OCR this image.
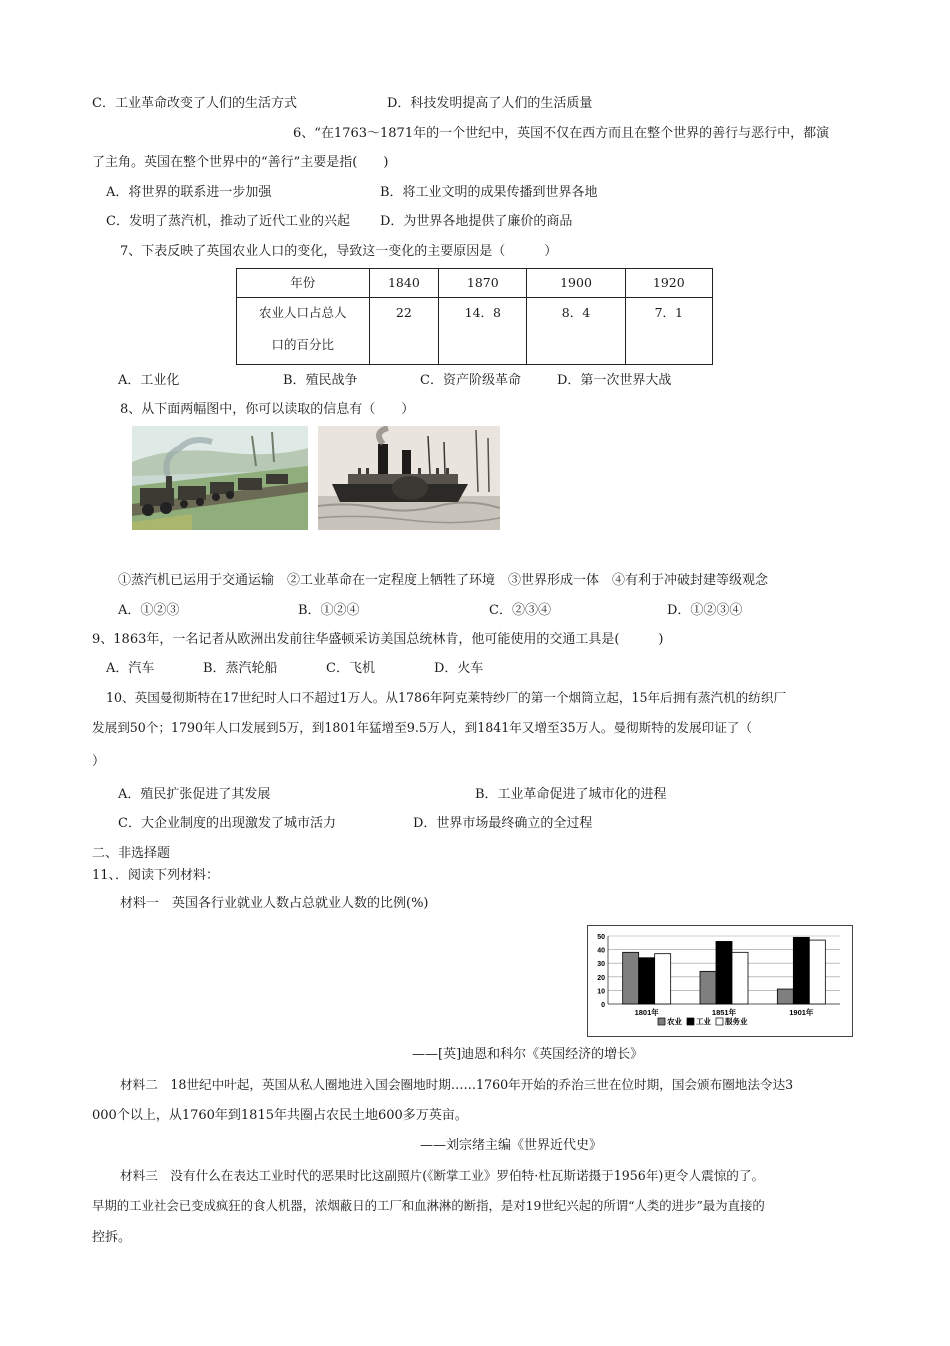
C．工业革命改变了人们的生活方式	D．科技发明提高了人们的生活质量
6、“在1763～1871年的一个世纪中，英国不仅在西方而且在整个世界的善行与恶行中，都演
了主角。英国在整个世界中的“善行”主要是指(　　)
A．将世界的联系进一步加强	B．将工业文明的成果传播到世界各地
C．发明了蒸汽机，推动了近代工业的兴起 D．为世界各地提供了廉价的商品
7、下表反映了英国农业人口的变化，导致这一变化的主要原因是（　　　）
年份	1840	1870	1900	1920

农业人口占总人
口的百分比	22	14．8	8．4	7．1
A．工业化	B．殖民战争	C．资产阶级革命	D．第一次世界大战
8、从下面两幅图中，你可以读取的信息有（　　）
①蒸汽机已运用于交通运输　②工业革命在一定程度上牺牲了环境　③世界形成一体　④有利于冲破封建等级观念
A．①②③	B．①②④	C．②③④	D．①②③④
9、1863年，一名记者从欧洲出发前往华盛顿采访美国总统林肯，他可能使用的交通工具是(　　　)
A．汽车	B．蒸汽轮船	C．飞机	D．火车
10、英国曼彻斯特在17世纪时人口不超过1万人。从1786年阿克莱特纱厂的第一个烟筒立起，15年后拥有蒸汽机的纺织厂
发展到50个；1790年人口发展到5万，到1801年猛增至9.5万人，到1841年又增至35万人。曼彻斯特的发展印证了（
）
A．殖民扩张促进了其发展	B．工业革命促进了城市化的进程
C．大企业制度的出现激发了城市活力	D．世界市场最终确立的全过程
二、非选择题
11、．阅读下列材料：
材料一　英国各行业就业人数占总就业人数的比例(%)
0
10
20
30
40
50
1801年	1851年	1901年
农业 工业 服务业
——[英]迪恩和科尔《英国经济的增长》
材料二　18世纪中叶起，英国从私人圈地进入国会圈地时期……1760年开始的乔治三世在位时期，国会颁布圈地法令达3
000个以上，从1760年到1815年共圈占农民土地600多万英亩。
——刘宗绪主编《世界近代史》
材料三　没有什么在表达工业时代的恶果时比这副照片(《断掌工业》罗伯特·杜瓦斯诺摄于1956年)更令人震惊的了。
早期的工业社会已变成疯狂的食人机器，浓烟蔽日的工厂和血淋淋的断指，是对19世纪兴起的所谓“人类的进步”最为直接的
控拆。
